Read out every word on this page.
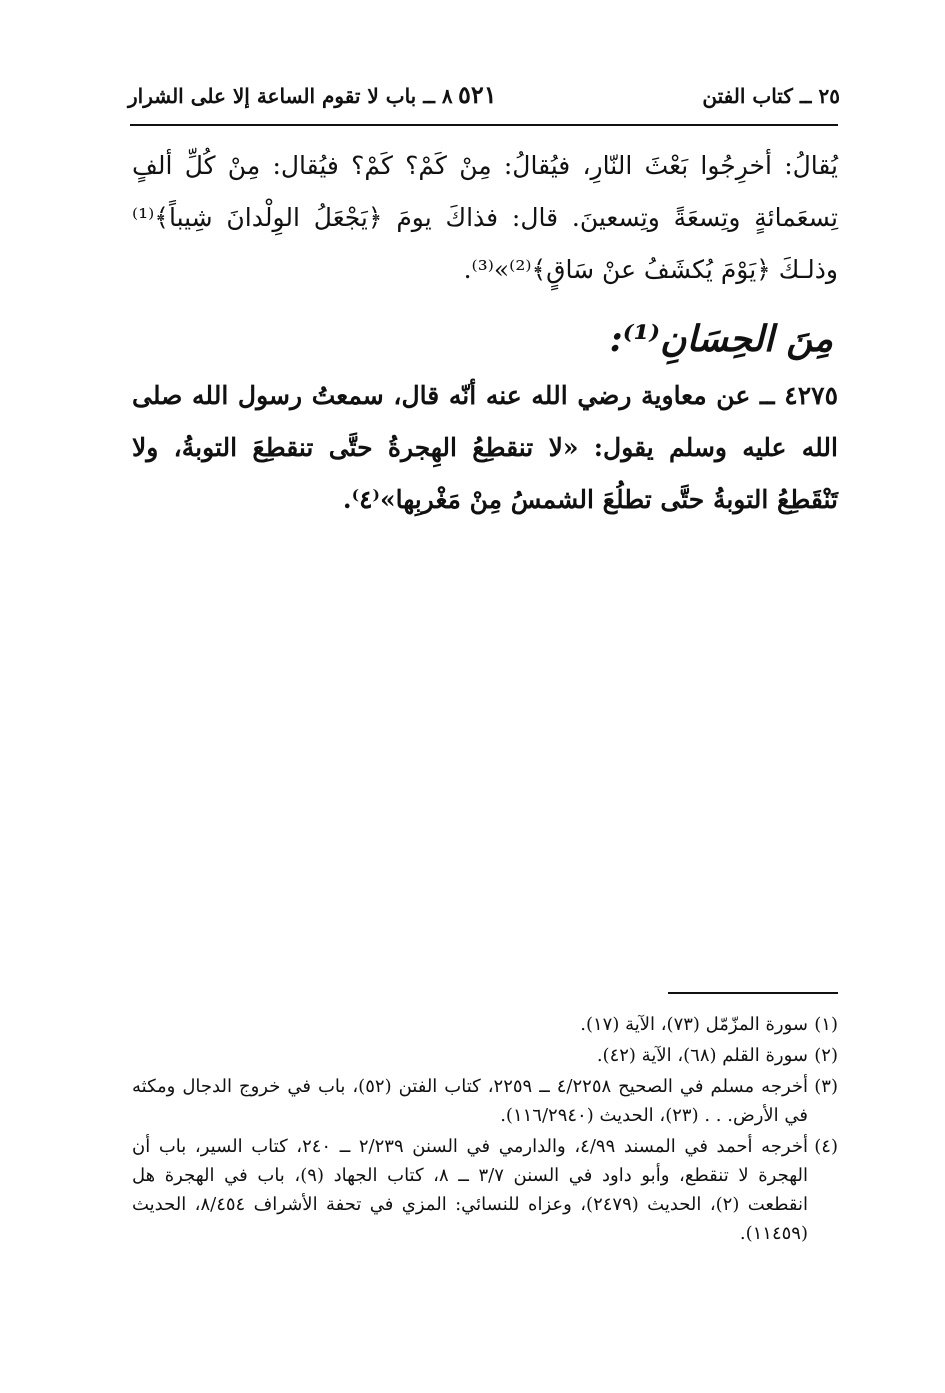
٢٥ ــ كتاب الفتن
٥٢١
٨ ــ باب لا تقوم الساعة إلا على الشرار
يُقالُ: أخرِجُوا بَعْثَ النّارِ، فيُقالُ: مِنْ كَمْ؟ كَمْ؟ فيُقال: مِنْ كُلِّ ألفٍ تِسعَمائةٍ وتِسعَةً وتِسعينَ. قال: فذاكَ يومَ ﴿يَجْعَلُ الوِلْدانَ شِيباً﴾⁽¹⁾ وذلـكَ ﴿يَوْمَ يُكشَفُ عنْ سَاقٍ﴾⁽²⁾»⁽³⁾.
مِنَ الحِسَانِ⁽¹⁾:
٤٢٧٥ ــ عن معاوية رضي الله عنه أنّه قال، سمعتُ رسول الله صلى الله عليه وسلم يقول: «لا تنقطِعُ الهِجرةُ حتَّى تنقطِعَ التوبةُ، ولا تَنْقَطِعُ التوبةُ حتَّى تطلُعَ الشمسُ مِنْ مَغْربِها»⁽٤⁾.
(١)
سورة المزّمّل (٧٣)، الآية (١٧).
(٢)
سورة القلم (٦٨)، الآية (٤٢).
(٣)
أخرجه مسلم في الصحيح ٤/٢٢٥٨ ــ ٢٢٥٩، كتاب الفتن (٥٢)، باب في خروج الدجال ومكثه في الأرض. . . (٢٣)، الحديث (١١٦/٢٩٤٠).
(٤)
أخرجه أحمد في المسند ٤/٩٩، والدارمي في السنن ٢/٢٣٩ ــ ٢٤٠، كتاب السير، باب أن الهجرة لا تنقطع، وأبو داود في السنن ٣/٧ ــ ٨، كتاب الجهاد (٩)، باب في الهجرة هل انقطعت (٢)، الحديث (٢٤٧٩)، وعزاه للنسائي: المزي في تحفة الأشراف ٨/٤٥٤، الحديث (١١٤٥٩).
